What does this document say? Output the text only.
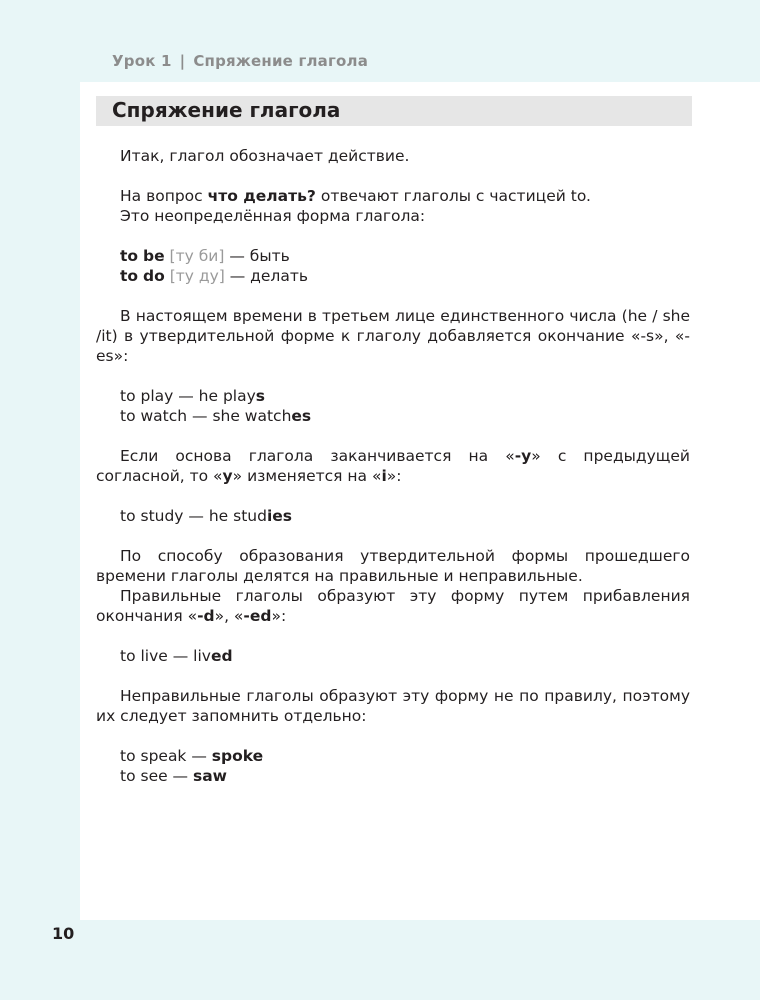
Урок 1 | Спряжение глагола
Спряжение глагола

Итак, глагол обозначает действие.

На вопрос что делать? отвечают глаголы с частицей to.

Это неопределённая форма глагола:

to be [ту би] — быть

to do [ту ду] — делать

В настоящем времени в третьем лице единственного числа (he / she /it) в утвердительной форме к глаголу добавляется окончание «-s», «-es»:

to play — he plays

to watch — she watches

Если основа глагола заканчивается на «-y» с предыдущей согласной, то «y» изменяется на «i»:

to study — he studies

По способу образования утвердительной формы прошедшего времени глаголы делятся на правильные и неправильные.

Правильные глаголы образуют эту форму путем прибавления окончания «-d», «-ed»:

to live — lived

Неправильные глаголы образуют эту форму не по правилу, поэтому их следует запомнить отдельно:

to speak — spoke

to see — saw

10
